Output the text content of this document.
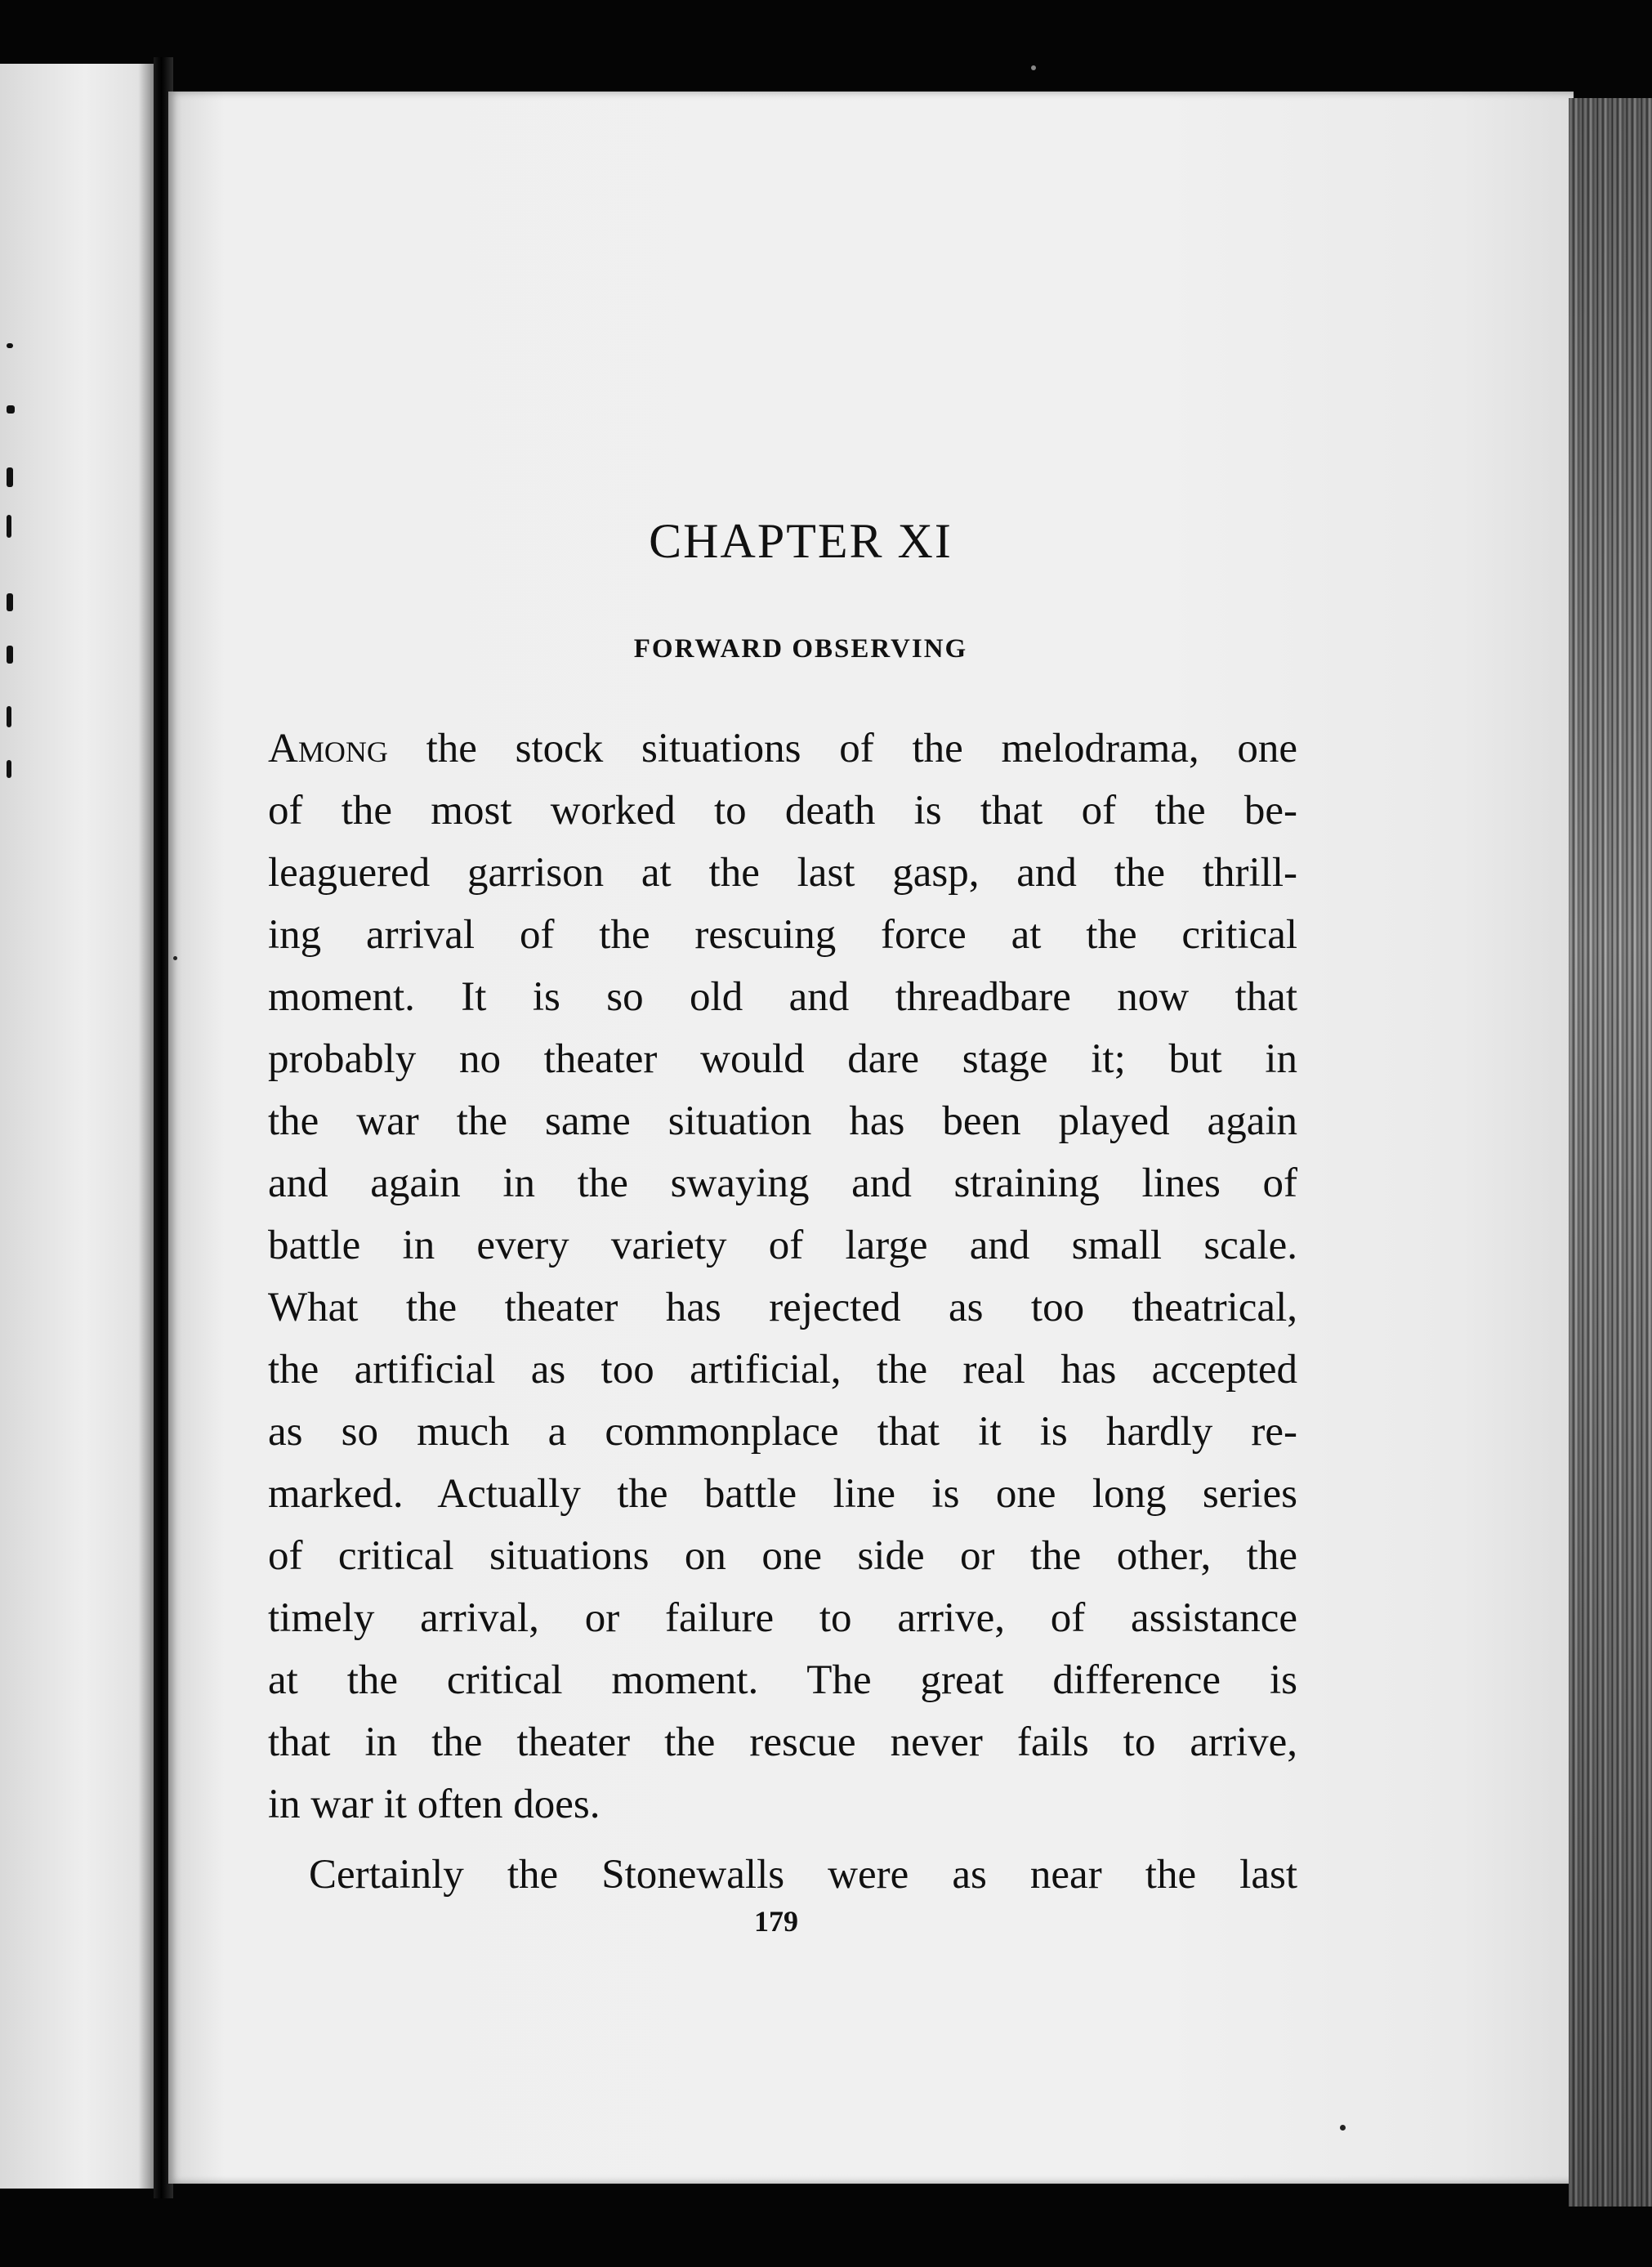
CHAPTER XI
FORWARD OBSERVING
Among the stock situations of the melodrama, one
of the most worked to death is that of the be-
leaguered garrison at the last gasp, and the thrill-
ing arrival of the rescuing force at the critical
moment. It is so old and threadbare now that
probably no theater would dare stage it; but in
the war the same situation has been played again
and again in the swaying and straining lines of
battle in every variety of large and small scale.
What the theater has rejected as too theatrical,
the artificial as too artificial, the real has accepted
as so much a commonplace that it is hardly re-
marked. Actually the battle line is one long series
of critical situations on one side or the other, the
timely arrival, or failure to arrive, of assistance
at the critical moment. The great difference is
that in the theater the rescue never fails to arrive,
in war it often does.
Certainly the Stonewalls were as near the last
179
